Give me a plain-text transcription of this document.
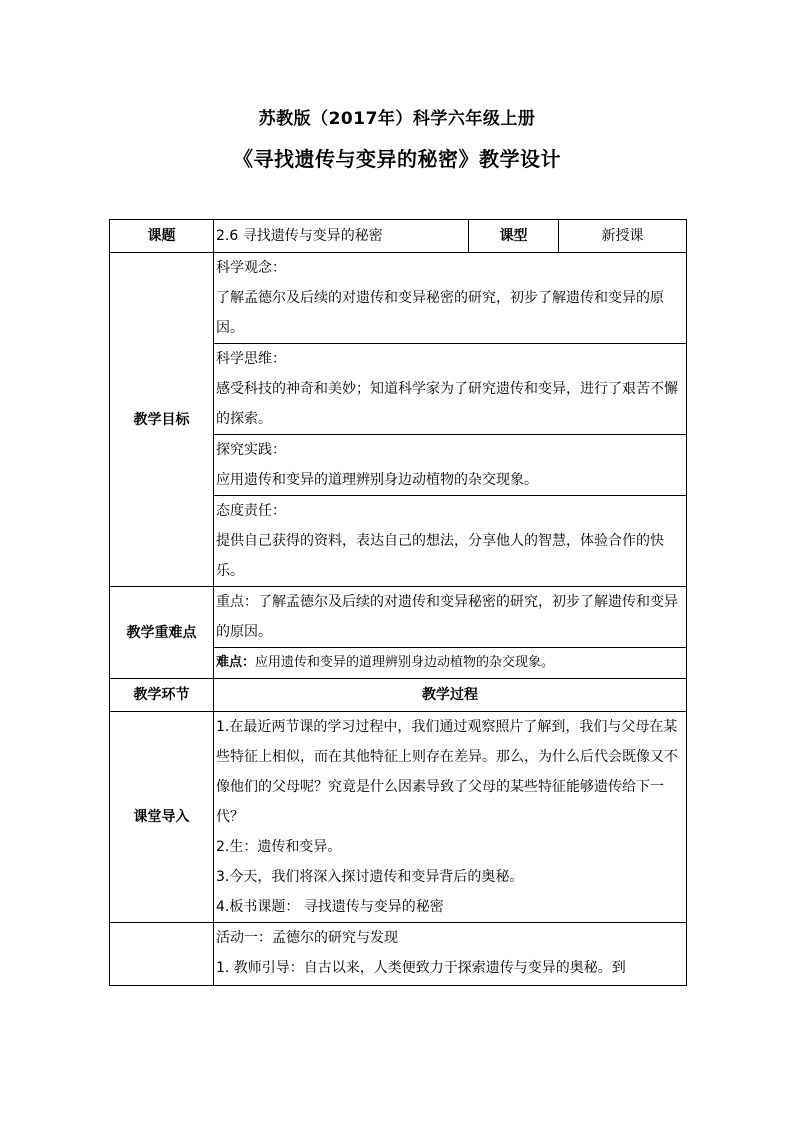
苏教版（2017年）科学六年级上册
《寻找遗传与变异的秘密》教学设计
课题	2.6 寻找遗传与变异的秘密	课型	新授课
教学目标	科学观念：
了解孟德尔及后续的对遗传和变异秘密的研究，初步了解遗传和变异的原因。		

	科学思维：
感受科技的神奇和美妙；知道科学家为了研究遗传和变异，进行了艰苦不懈的探索。		

	探究实践：
应用遗传和变异的道理辨别身边动植物的杂交现象。		

	态度责任：
提供自己获得的资料，表达自己的想法，分享他人的智慧，体验合作的快乐。		

教学重难点	重点：了解孟德尔及后续的对遗传和变异秘密的研究，初步了解遗传和变异的原因。		
	难点：应用遗传和变异的道理辨别身边动植物的杂交现象。		
教学环节	教学过程		
课堂导入	1.在最近两节课的学习过程中，我们通过观察照片了解到，我们与父母在某些特征上相似，而在其他特征上则存在差异。那么，为什么后代会既像又不像他们的父母呢？究竟是什么因素导致了父母的某些特征能够遗传给下一代？
2.生：遗传和变异。
3.今天，我们将深入探讨遗传和变异背后的奥秘。
4.板书课题： 寻找遗传与变异的秘密		

	活动一：孟德尔的研究与发现
1. 教师引导：自古以来，人类便致力于探索遗传与变异的奥秘。到		
